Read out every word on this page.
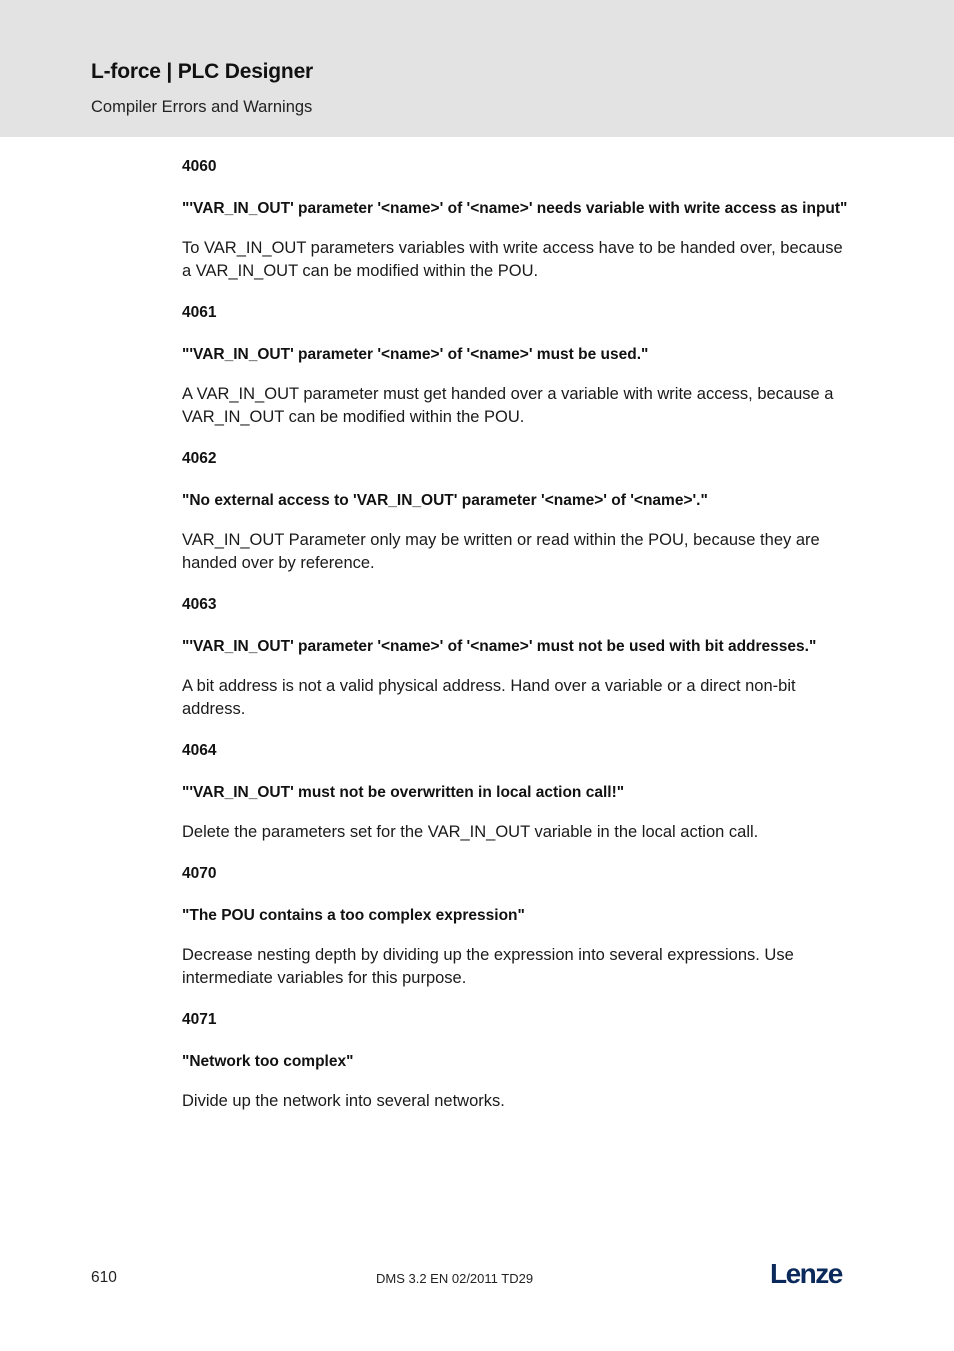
L-force | PLC Designer
Compiler Errors and Warnings
4060
"'VAR_IN_OUT' parameter '<name>' of '<name>' needs variable with write access as input"
To VAR_IN_OUT parameters variables with write access have to be handed over, because a VAR_IN_OUT can be modified within the POU.
4061
"'VAR_IN_OUT' parameter '<name>' of '<name>' must be used."
A VAR_IN_OUT parameter must get handed over a variable with write access, because a VAR_IN_OUT can be modified within the POU.
4062
"No external access to 'VAR_IN_OUT' parameter '<name>' of '<name>'."
VAR_IN_OUT Parameter only may be written or read within the POU, because they are handed over by reference.
4063
"'VAR_IN_OUT' parameter '<name>' of '<name>' must not be used with bit addresses."
A bit address is not a valid physical address. Hand over a variable or a direct non-bit address.
4064
"'VAR_IN_OUT' must not be overwritten in local action call!"
Delete the parameters set for the VAR_IN_OUT variable in the local action call.
4070
"The POU contains a too complex expression"
Decrease nesting depth by dividing up the expression into several expressions. Use intermediate variables for this purpose.
4071
"Network too complex"
Divide up the network into several networks.
610	DMS 3.2 EN 02/2011 TD29	Lenze
